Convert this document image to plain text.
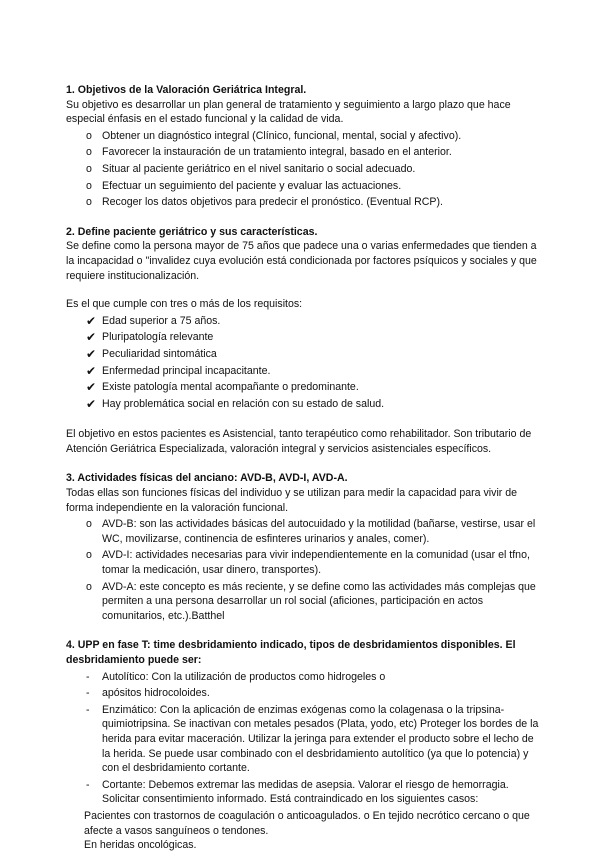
1. Objetivos de la Valoración Geriátrica Integral.
Su objetivo es desarrollar un plan general de tratamiento y seguimiento a largo plazo que hace especial énfasis en el estado funcional y la calidad de vida.
o Obtener un diagnóstico integral (Clínico, funcional, mental, social y afectivo).
o Favorecer la instauración de un tratamiento integral, basado en el anterior.
o Situar al paciente geriátrico en el nivel sanitario o social adecuado.
o Efectuar un seguimiento del paciente y evaluar las actuaciones.
o Recoger los datos objetivos para predecir el pronóstico. (Eventual RCP).
2. Define paciente geriátrico y sus características.
Se define como la persona mayor de 75 años que padece una o varias enfermedades que tienden a la incapacidad o "invalidez cuya evolución está condicionada por factores psíquicos y sociales y que requiere institucionalización.
Es el que cumple con tres o más de los requisitos:
✔ Edad superior a 75 años.
✔ Pluripatología relevante
✔ Peculiaridad sintomática
✔ Enfermedad principal incapacitante.
✔ Existe patología mental acompañante o predominante.
✔ Hay problemática social en relación con su estado de salud.
El objetivo en estos pacientes es Asistencial, tanto terapéutico como rehabilitador. Son tributario de Atención Geriátrica Especializada, valoración integral y servicios asistenciales específicos.
3. Actividades físicas del anciano: AVD-B, AVD-I, AVD-A.
Todas ellas son funciones físicas del individuo y se utilizan para medir la capacidad para vivir de forma independiente en la valoración funcional.
o AVD-B: son las actividades básicas del autocuidado y la motilidad (bañarse, vestirse, usar el WC, movilizarse, continencia de esfinteres urinarios y anales, comer).
o AVD-I: actividades necesarias para vivir independientemente en la comunidad (usar el tfno, tomar la medicación, usar dinero, transportes).
o AVD-A: este concepto es más reciente, y se define como las actividades más complejas que permiten a una persona desarrollar un rol social (aficiones, participación en actos comunitarios, etc.).Batthel
4. UPP en fase T: time desbridamiento indicado, tipos de desbridamientos disponibles. El desbridamiento puede ser:
- Autolítico: Con la utilización de productos como hidrogeles o
- apósitos hidrocoloides.
- Enzimático: Con la aplicación de enzimas exógenas como la colagenasa o la tripsina-quimiotripsina. Se inactivan con metales pesados (Plata, yodo, etc) Proteger los bordes de la herida para evitar maceración. Utilizar la jeringa para extender el producto sobre el lecho de la herida. Se puede usar combinado con el desbridamiento autolítico (ya que lo potencia) y con el desbridamiento cortante.
- Cortante: Debemos extremar las medidas de asepsia. Valorar el riesgo de hemorragia. Solicitar consentimiento informado. Está contraindicado en los siguientes casos:
Pacientes con trastornos de coagulación o anticoagulados. o En tejido necrótico cercano o que afecte a vasos sanguíneos o tendones.
En heridas oncológicas.
